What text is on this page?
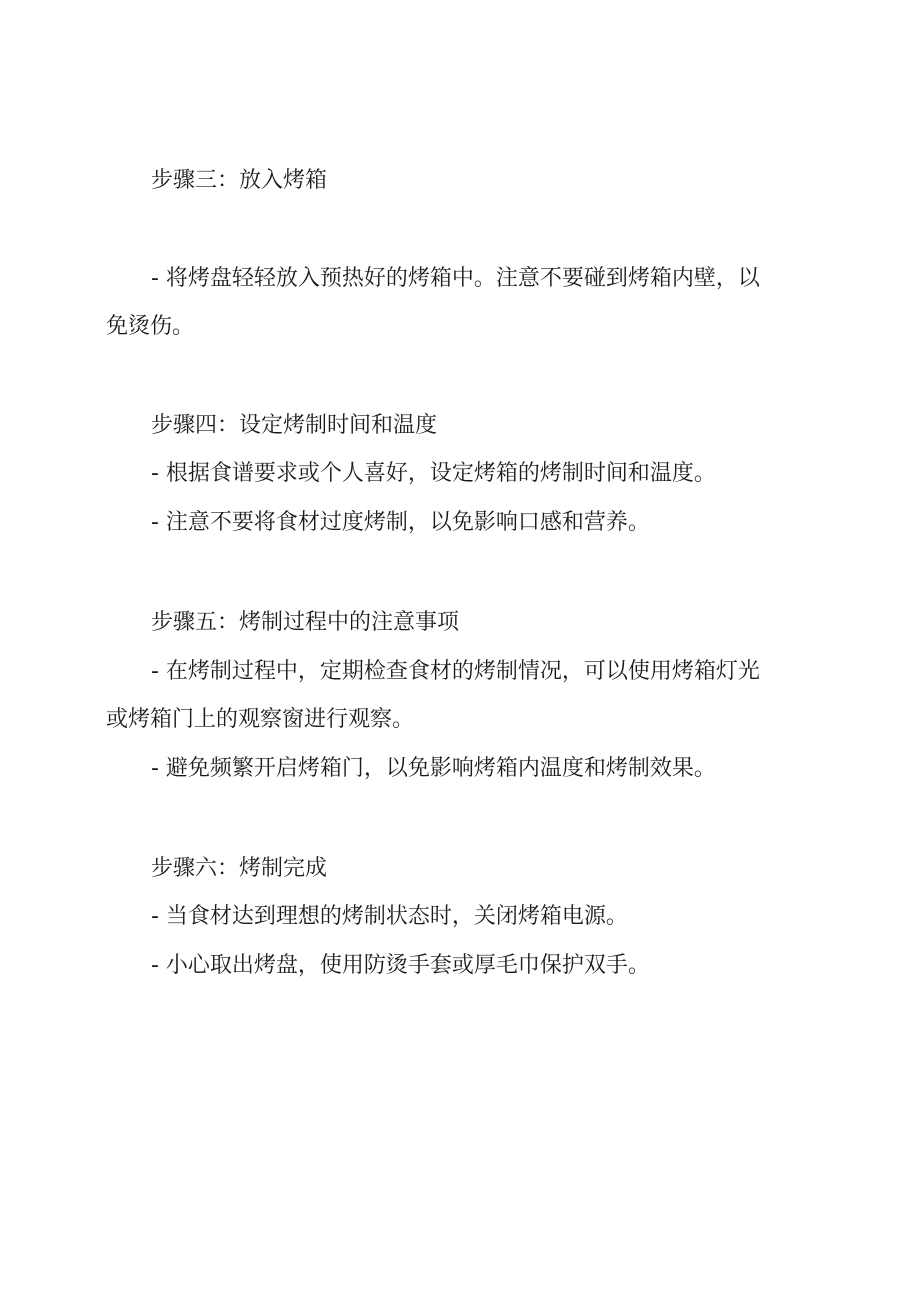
步骤三：放入烤箱
- 将烤盘轻轻放入预热好的烤箱中。注意不要碰到烤箱内壁，以
免烫伤。
步骤四：设定烤制时间和温度
- 根据食谱要求或个人喜好，设定烤箱的烤制时间和温度。
- 注意不要将食材过度烤制，以免影响口感和营养。
步骤五：烤制过程中的注意事项
- 在烤制过程中，定期检查食材的烤制情况，可以使用烤箱灯光
或烤箱门上的观察窗进行观察。
- 避免频繁开启烤箱门，以免影响烤箱内温度和烤制效果。
步骤六：烤制完成
- 当食材达到理想的烤制状态时，关闭烤箱电源。
- 小心取出烤盘，使用防烫手套或厚毛巾保护双手。
